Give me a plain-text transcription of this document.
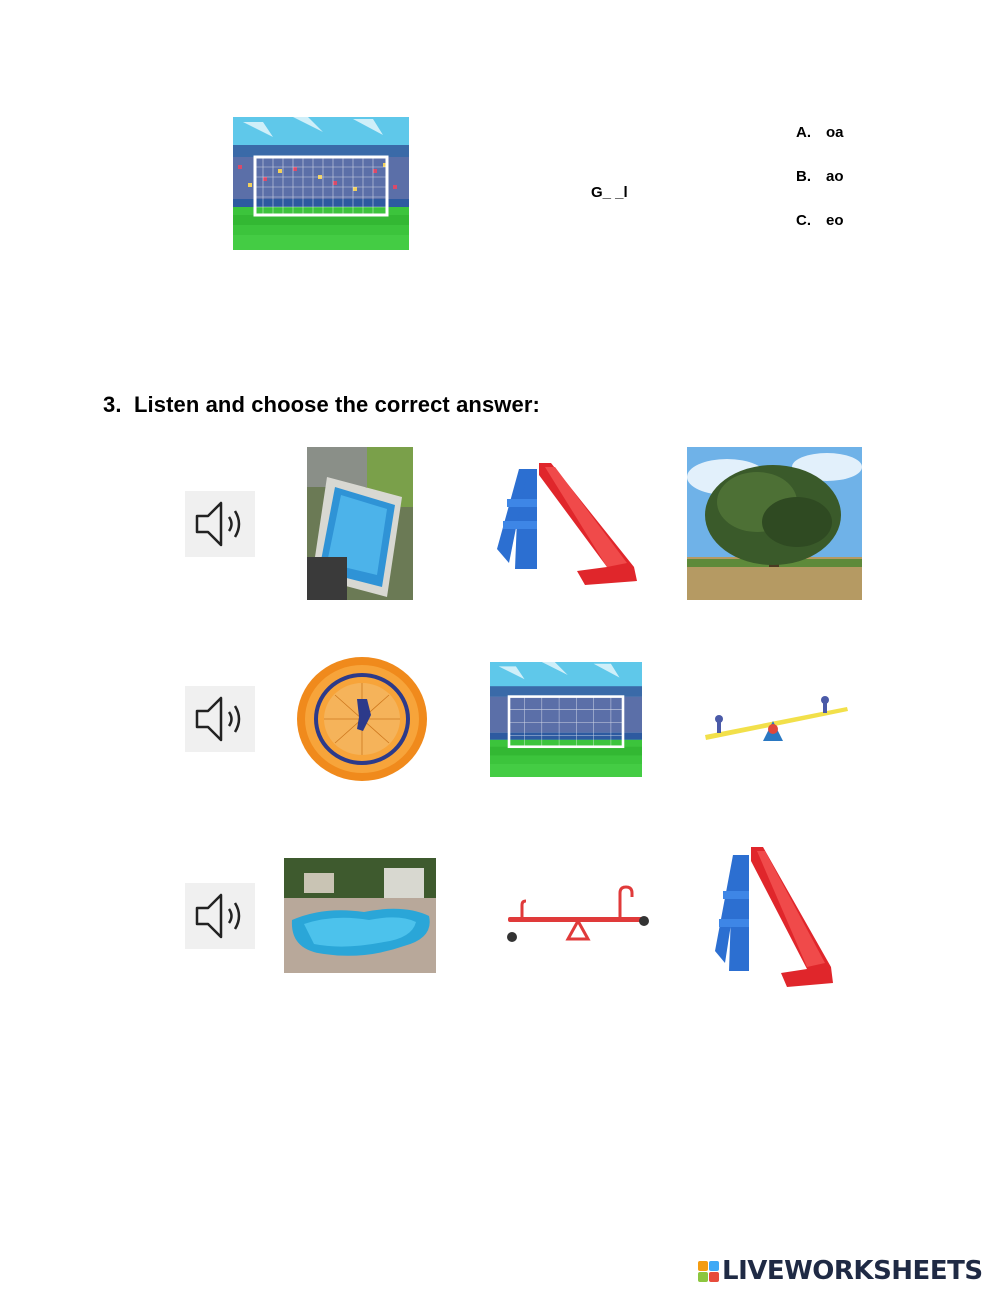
G_ _l
A. oa
B. ao
C. eo
3. Listen and choose the correct answer:
LIVEWORKSHEETS
